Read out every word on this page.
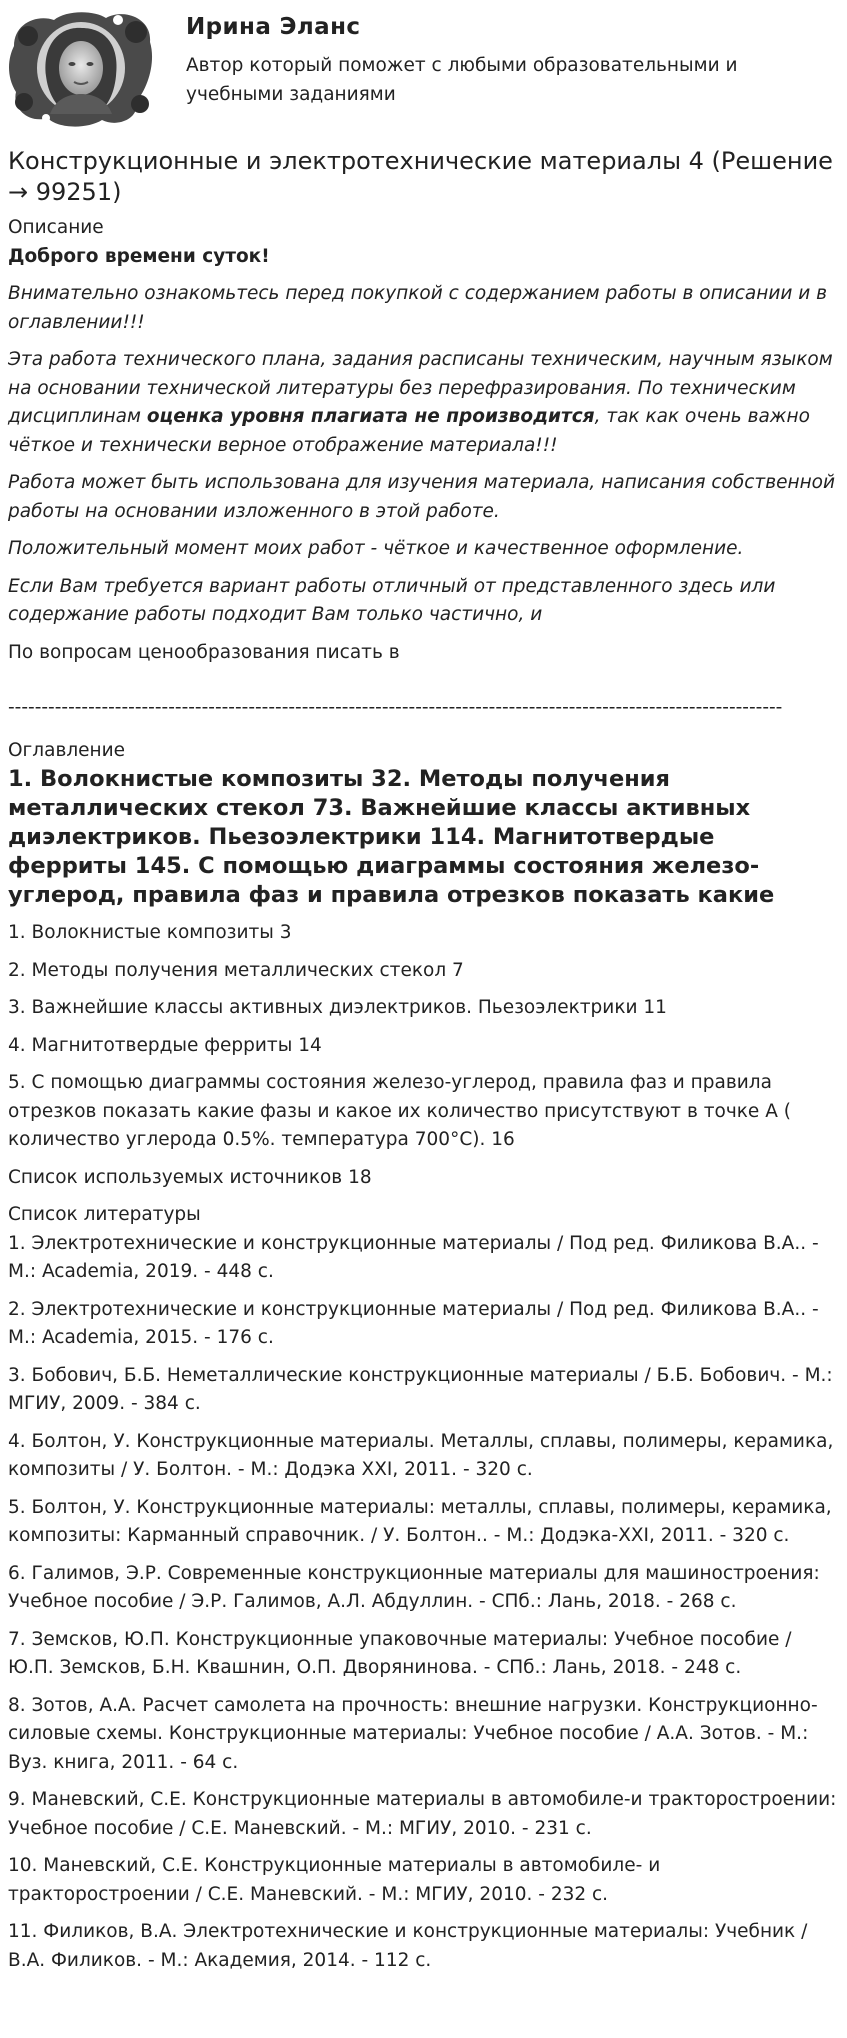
Ирина Эланс
Автор который поможет с любыми образовательными и учебными заданиями
Конструкционные и электротехнические материалы 4 (Решение → 99251)

Описание

Доброго времени суток!

Внимательно ознакомьтесь перед покупкой с содержанием работы в описании и в оглавлении!!!

Эта работа технического плана, задания расписаны техническим, научным языком на основании технической литературы без перефразирования. По техническим дисциплинам оценка уровня плагиата не производится, так как очень важно чёткое и технически верное отображение материала!!!

Работа может быть использована для изучения материала, написания собственной работы на основании изложенного в этой работе.

Положительный момент моих работ - чёткое и качественное оформление.

Если Вам требуется вариант работы отличный от представленного здесь или содержание работы подходит Вам только частично, и

По вопросам ценообразования писать в

--------------------------------------------------------------------------------------------------------------------

Оглавление

1. Волокнистые композиты 32. Методы получения металлических стекол 73. Важнейшие классы активных диэлектриков. Пьезоэлектрики 114. Магнитотвердые ферриты 145. С помощью диаграммы состояния железо-углерод, правила фаз и правила отрезков показать какие

1. Волокнистые композиты 3

2. Методы получения металлических стекол 7

3. Важнейшие классы активных диэлектриков. Пьезоэлектрики 11

4. Магнитотвердые ферриты 14

5. С помощью диаграммы состояния железо-углерод, правила фаз и правила отрезков показать какие фазы и какое их количество присутствуют в точке А ( количество углерода 0.5%. температура 700°С). 16

Список используемых источников 18

Список литературы

1. Электротехнические и конструкционные материалы / Под ред. Филикова В.А.. - М.: Academia, 2019. - 448 c.

2. Электротехнические и конструкционные материалы / Под ред. Филикова В.А.. - М.: Academia, 2015. - 176 c.

3. Бобович, Б.Б. Неметаллические конструкционные материалы / Б.Б. Бобович. - М.: МГИУ, 2009. - 384 c.

4. Болтон, У. Конструкционные материалы. Металлы, сплавы, полимеры, керамика, композиты / У. Болтон. - М.: Додэка XXI, 2011. - 320 c.

5. Болтон, У. Конструкционные материалы: металлы, сплавы, полимеры, керамика, композиты: Карманный справочник. / У. Болтон.. - М.: Додэка-XXI, 2011. - 320 c.

6. Галимов, Э.Р. Современные конструкционные материалы для машиностроения: Учебное пособие / Э.Р. Галимов, А.Л. Абдуллин. - СПб.: Лань, 2018. - 268 c.

7. Земсков, Ю.П. Конструкционные упаковочные материалы: Учебное пособие / Ю.П. Земсков, Б.Н. Квашнин, О.П. Дворянинова. - СПб.: Лань, 2018. - 248 c.

8. Зотов, А.А. Расчет самолета на прочность: внешние нагрузки. Конструкционно-силовые схемы. Конструкционные материалы: Учебное пособие / А.А. Зотов. - М.: Вуз. книга, 2011. - 64 c.

9. Маневский, С.Е. Конструкционные материалы в автомобиле-и тракторостроении: Учебное пособие / С.Е. Маневский. - М.: МГИУ, 2010. - 231 c.

10. Маневский, С.Е. Конструкционные материалы в автомобиле- и тракторостроении / С.Е. Маневский. - М.: МГИУ, 2010. - 232 c.

11. Филиков, В.А. Электротехнические и конструкционные материалы: Учебник / В.А. Филиков. - М.: Академия, 2014. - 112 c.
